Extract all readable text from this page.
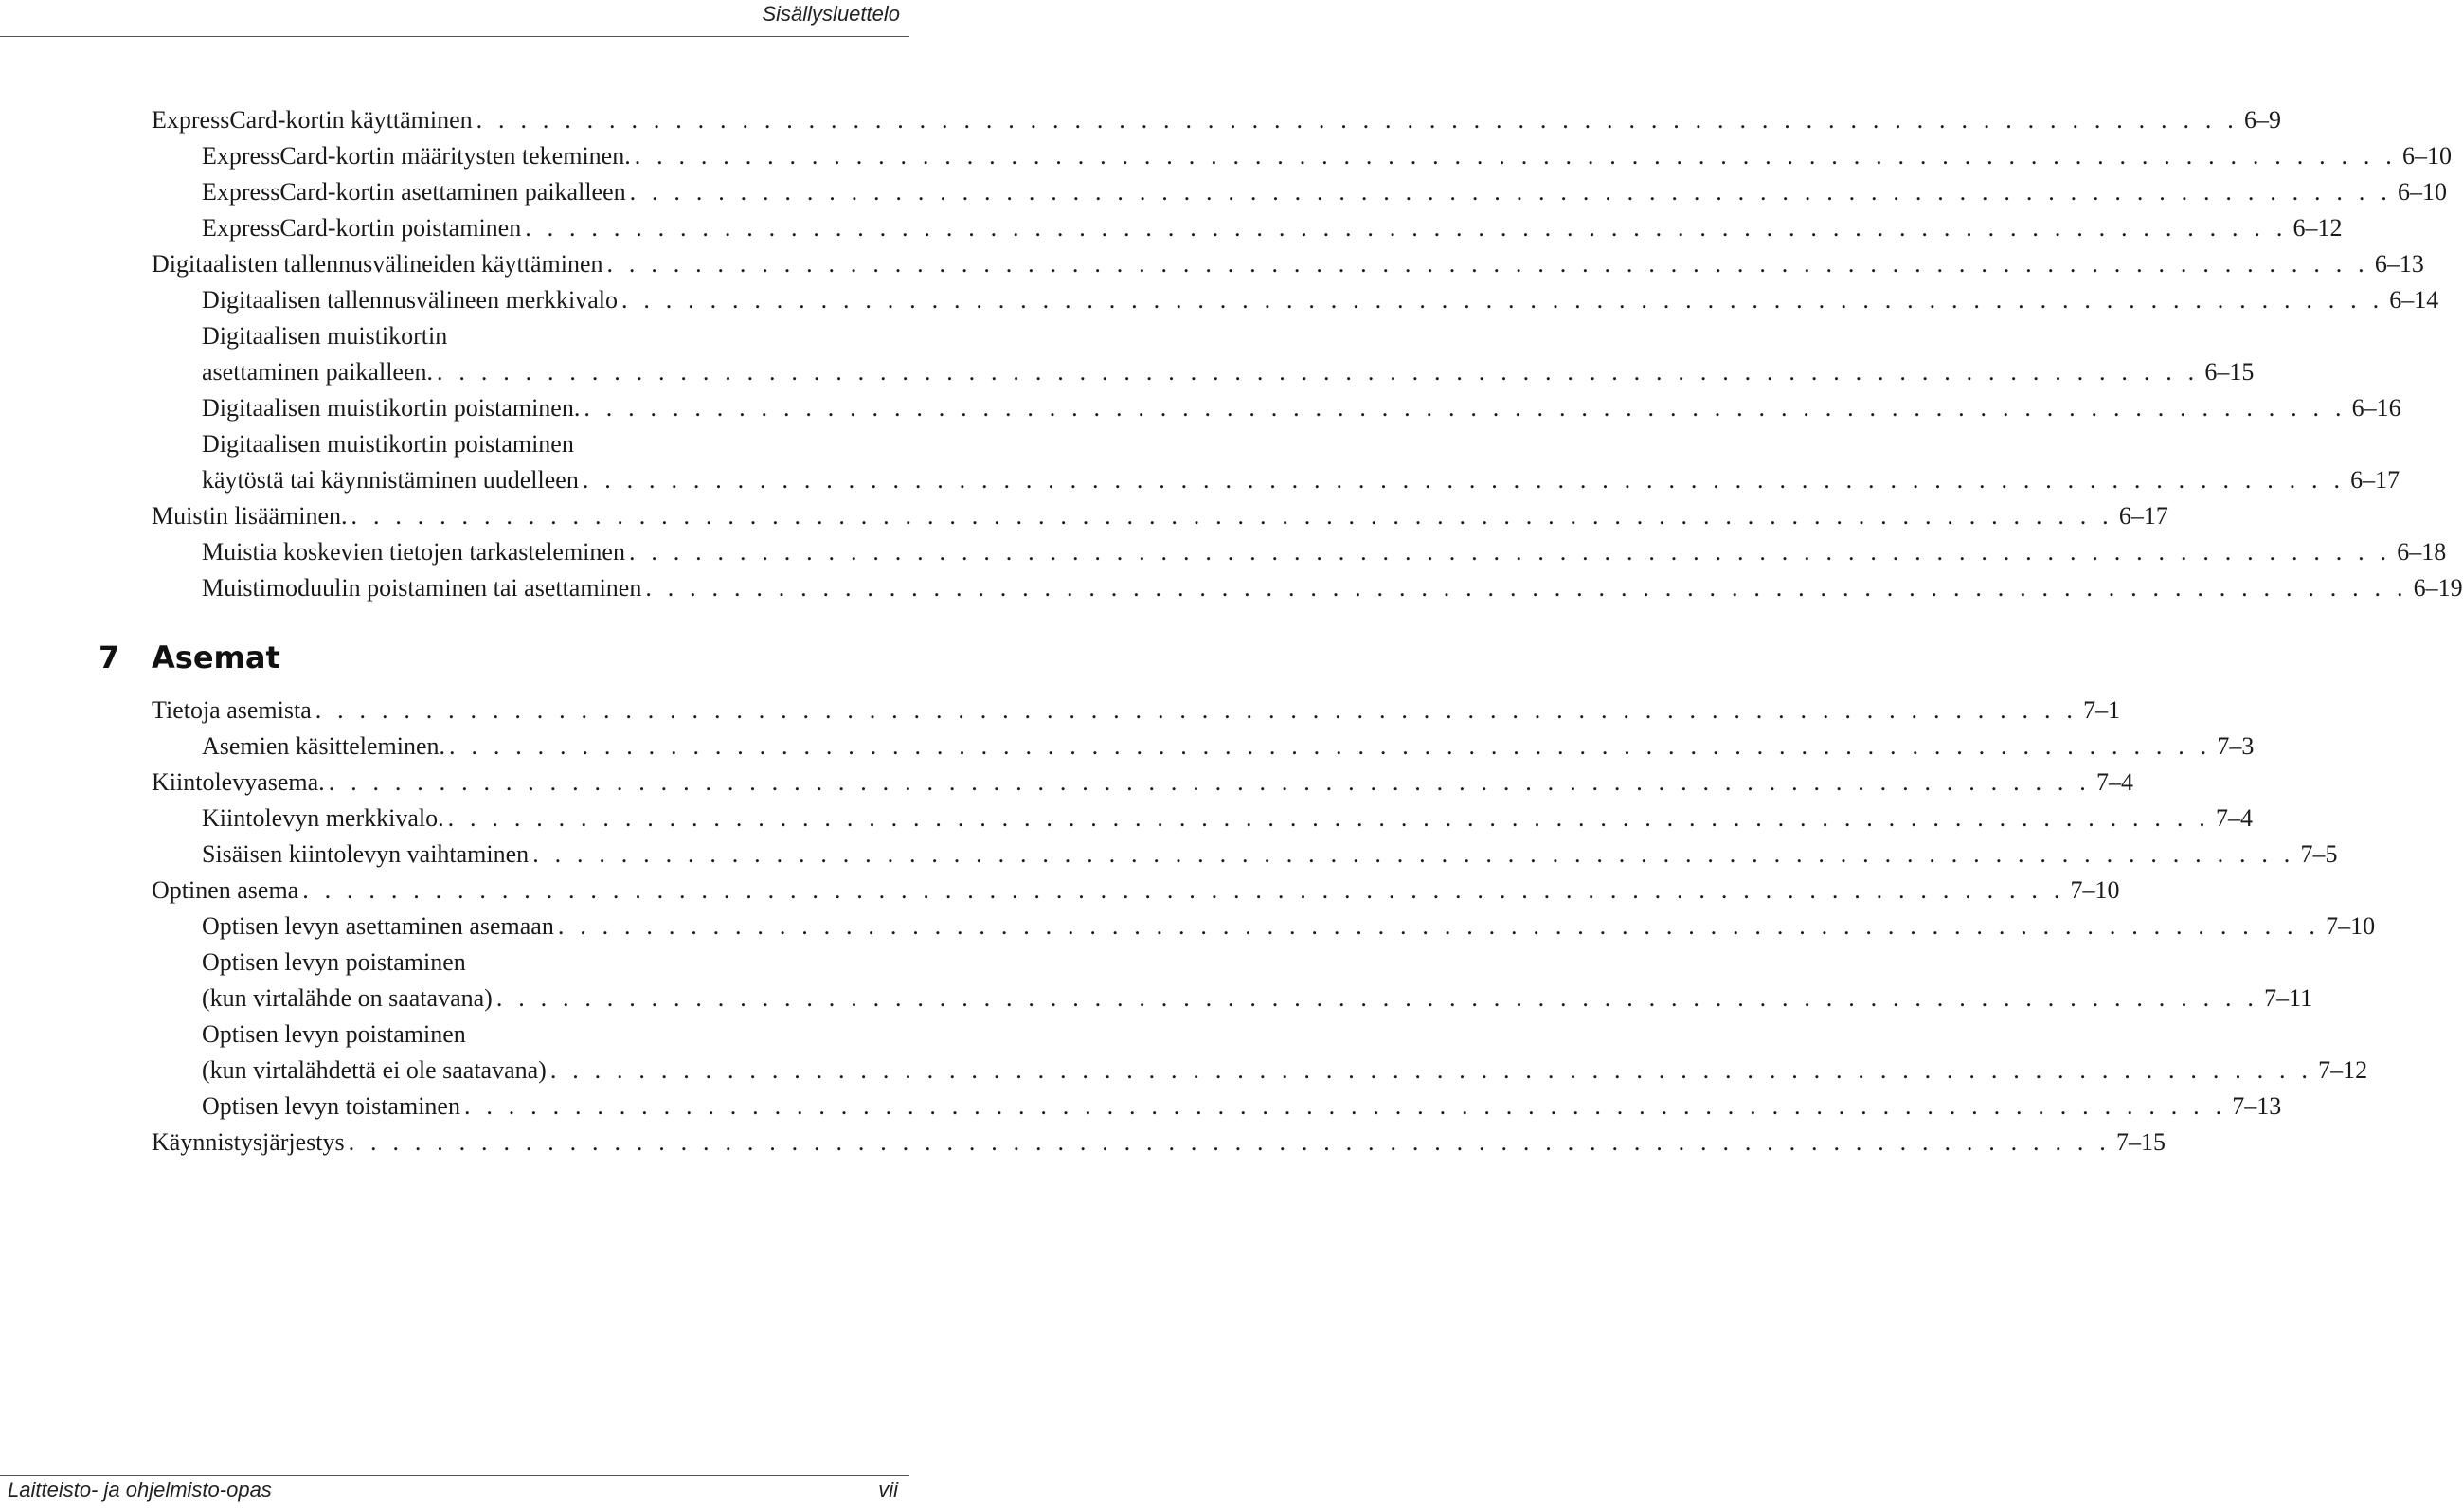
Sisällysluettelo
ExpressCard-kortin käyttäminen . . . . . . . . . . . . . . . . . . . . . . . . . . . . . . . . . . . . . . . . . . . . . . . . . . . . . . . . . . . . . . . . . . . . . . . . . . . . . . . . 6–9
ExpressCard-kortin määritysten tekeminen. . . . . . . . . . . . . . . . . . . . . . . . . . . . . . . . . . . . . . . . . . . . . . . . . . . . . . . . . . . . . . . . . . . . . . . . . . . . . . . . . 6–10
ExpressCard-kortin asettaminen paikalleen . . . . . . . . . . . . . . . . . . . . . . . . . . . . . . . . . . . . . . . . . . . . . . . . . . . . . . . . . . . . . . . . . . . . . . . . . . . . . . . . 6–10
ExpressCard-kortin poistaminen . . . . . . . . . . . . . . . . . . . . . . . . . . . . . . . . . . . . . . . . . . . . . . . . . . . . . . . . . . . . . . . . . . . . . . . . . . . . . . . . 6–12
Digitaalisten tallennusvälineiden käyttäminen . . . . . . . . . . . . . . . . . . . . . . . . . . . . . . . . . . . . . . . . . . . . . . . . . . . . . . . . . . . . . . . . . . . . . . . . . . . . . . . . 6–13
Digitaalisen tallennusvälineen merkkivalo . . . . . . . . . . . . . . . . . . . . . . . . . . . . . . . . . . . . . . . . . . . . . . . . . . . . . . . . . . . . . . . . . . . . . . . . . . . . . . . . 6–14
Digitaalisen muistikortin
asettaminen paikalleen. . . . . . . . . . . . . . . . . . . . . . . . . . . . . . . . . . . . . . . . . . . . . . . . . . . . . . . . . . . . . . . . . . . . . . . . . . . . . . . . . 6–15
Digitaalisen muistikortin poistaminen. . . . . . . . . . . . . . . . . . . . . . . . . . . . . . . . . . . . . . . . . . . . . . . . . . . . . . . . . . . . . . . . . . . . . . . . . . . . . . . . . 6–16
Digitaalisen muistikortin poistaminen
käytöstä tai käynnistäminen uudelleen . . . . . . . . . . . . . . . . . . . . . . . . . . . . . . . . . . . . . . . . . . . . . . . . . . . . . . . . . . . . . . . . . . . . . . . . . . . . . . . . 6–17
Muistin lisääminen. . . . . . . . . . . . . . . . . . . . . . . . . . . . . . . . . . . . . . . . . . . . . . . . . . . . . . . . . . . . . . . . . . . . . . . . . . . . . . . . . 6–17
Muistia koskevien tietojen tarkasteleminen . . . . . . . . . . . . . . . . . . . . . . . . . . . . . . . . . . . . . . . . . . . . . . . . . . . . . . . . . . . . . . . . . . . . . . . . . . . . . . . . 6–18
Muistimoduulin poistaminen tai asettaminen . . . . . . . . . . . . . . . . . . . . . . . . . . . . . . . . . . . . . . . . . . . . . . . . . . . . . . . . . . . . . . . . . . . . . . . . . . . . . . . . 6–19
7 Asemat
Tietoja asemista . . . . . . . . . . . . . . . . . . . . . . . . . . . . . . . . . . . . . . . . . . . . . . . . . . . . . . . . . . . . . . . . . . . . . . . . . . . . . . . . 7–1
Asemien käsitteleminen. . . . . . . . . . . . . . . . . . . . . . . . . . . . . . . . . . . . . . . . . . . . . . . . . . . . . . . . . . . . . . . . . . . . . . . . . . . . . . . . . 7–3
Kiintolevyasema. . . . . . . . . . . . . . . . . . . . . . . . . . . . . . . . . . . . . . . . . . . . . . . . . . . . . . . . . . . . . . . . . . . . . . . . . . . . . . . . . 7–4
Kiintolevyn merkkivalo. . . . . . . . . . . . . . . . . . . . . . . . . . . . . . . . . . . . . . . . . . . . . . . . . . . . . . . . . . . . . . . . . . . . . . . . . . . . . . . . . 7–4
Sisäisen kiintolevyn vaihtaminen . . . . . . . . . . . . . . . . . . . . . . . . . . . . . . . . . . . . . . . . . . . . . . . . . . . . . . . . . . . . . . . . . . . . . . . . . . . . . . . . 7–5
Optinen asema . . . . . . . . . . . . . . . . . . . . . . . . . . . . . . . . . . . . . . . . . . . . . . . . . . . . . . . . . . . . . . . . . . . . . . . . . . . . . . . . 7–10
Optisen levyn asettaminen asemaan . . . . . . . . . . . . . . . . . . . . . . . . . . . . . . . . . . . . . . . . . . . . . . . . . . . . . . . . . . . . . . . . . . . . . . . . . . . . . . . . 7–10
Optisen levyn poistaminen
(kun virtalähde on saatavana) . . . . . . . . . . . . . . . . . . . . . . . . . . . . . . . . . . . . . . . . . . . . . . . . . . . . . . . . . . . . . . . . . . . . . . . . . . . . . . . . 7–11
Optisen levyn poistaminen
(kun virtalähdettä ei ole saatavana) . . . . . . . . . . . . . . . . . . . . . . . . . . . . . . . . . . . . . . . . . . . . . . . . . . . . . . . . . . . . . . . . . . . . . . . . . . . . . . . . 7–12
Optisen levyn toistaminen . . . . . . . . . . . . . . . . . . . . . . . . . . . . . . . . . . . . . . . . . . . . . . . . . . . . . . . . . . . . . . . . . . . . . . . . . . . . . . . . 7–13
Käynnistysjärjestys . . . . . . . . . . . . . . . . . . . . . . . . . . . . . . . . . . . . . . . . . . . . . . . . . . . . . . . . . . . . . . . . . . . . . . . . . . . . . . . . 7–15
Laitteisto- ja ohjelmisto-opas	vii
